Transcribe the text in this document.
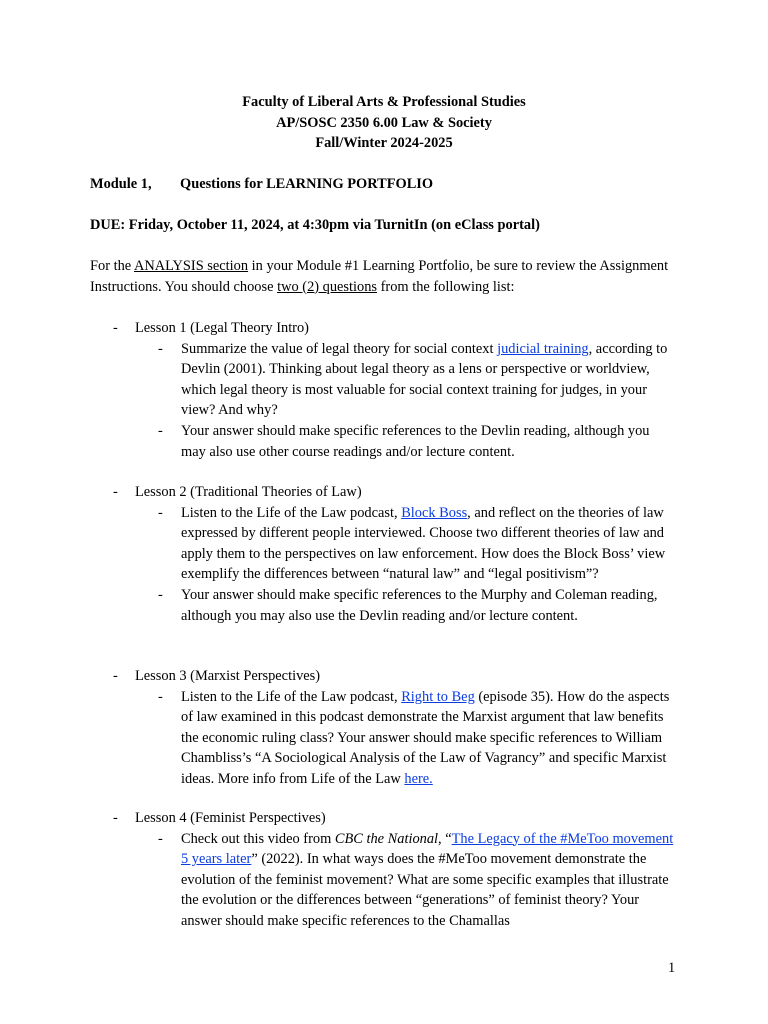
Faculty of Liberal Arts & Professional Studies
AP/SOSC 2350 6.00 Law & Society
Fall/Winter 2024-2025
Module 1, Questions for LEARNING PORTFOLIO
DUE: Friday, October 11, 2024, at 4:30pm via TurnitIn (on eClass portal)
For the ANALYSIS section in your Module #1 Learning Portfolio, be sure to review the Assignment Instructions. You should choose two (2) questions from the following list:
-	Lesson 1 (Legal Theory Intro)
-	Summarize the value of legal theory for social context judicial training, according to Devlin (2001). Thinking about legal theory as a lens or perspective or worldview, which legal theory is most valuable for social context training for judges, in your view? And why?
-	Your answer should make specific references to the Devlin reading, although you may also use other course readings and/or lecture content.
-	Lesson 2 (Traditional Theories of Law)
-	Listen to the Life of the Law podcast, Block Boss, and reflect on the theories of law expressed by different people interviewed. Choose two different theories of law and apply them to the perspectives on law enforcement. How does the Block Boss’ view exemplify the differences between “natural law” and “legal positivism”?
-	Your answer should make specific references to the Murphy and Coleman reading, although you may also use the Devlin reading and/or lecture content.
-	Lesson 3 (Marxist Perspectives)
-	Listen to the Life of the Law podcast, Right to Beg (episode 35). How do the aspects of law examined in this podcast demonstrate the Marxist argument that law benefits the economic ruling class? Your answer should make specific references to William Chambliss’s “A Sociological Analysis of the Law of Vagrancy” and specific Marxist ideas. More info from Life of the Law here.
-	Lesson 4 (Feminist Perspectives)
-	Check out this video from CBC the National, “The Legacy of the #MeToo movement 5 years later” (2022). In what ways does the #MeToo movement demonstrate the evolution of the feminist movement? What are some specific examples that illustrate the evolution or the differences between “generations” of feminist theory? Your answer should make specific references to the Chamallas
1
